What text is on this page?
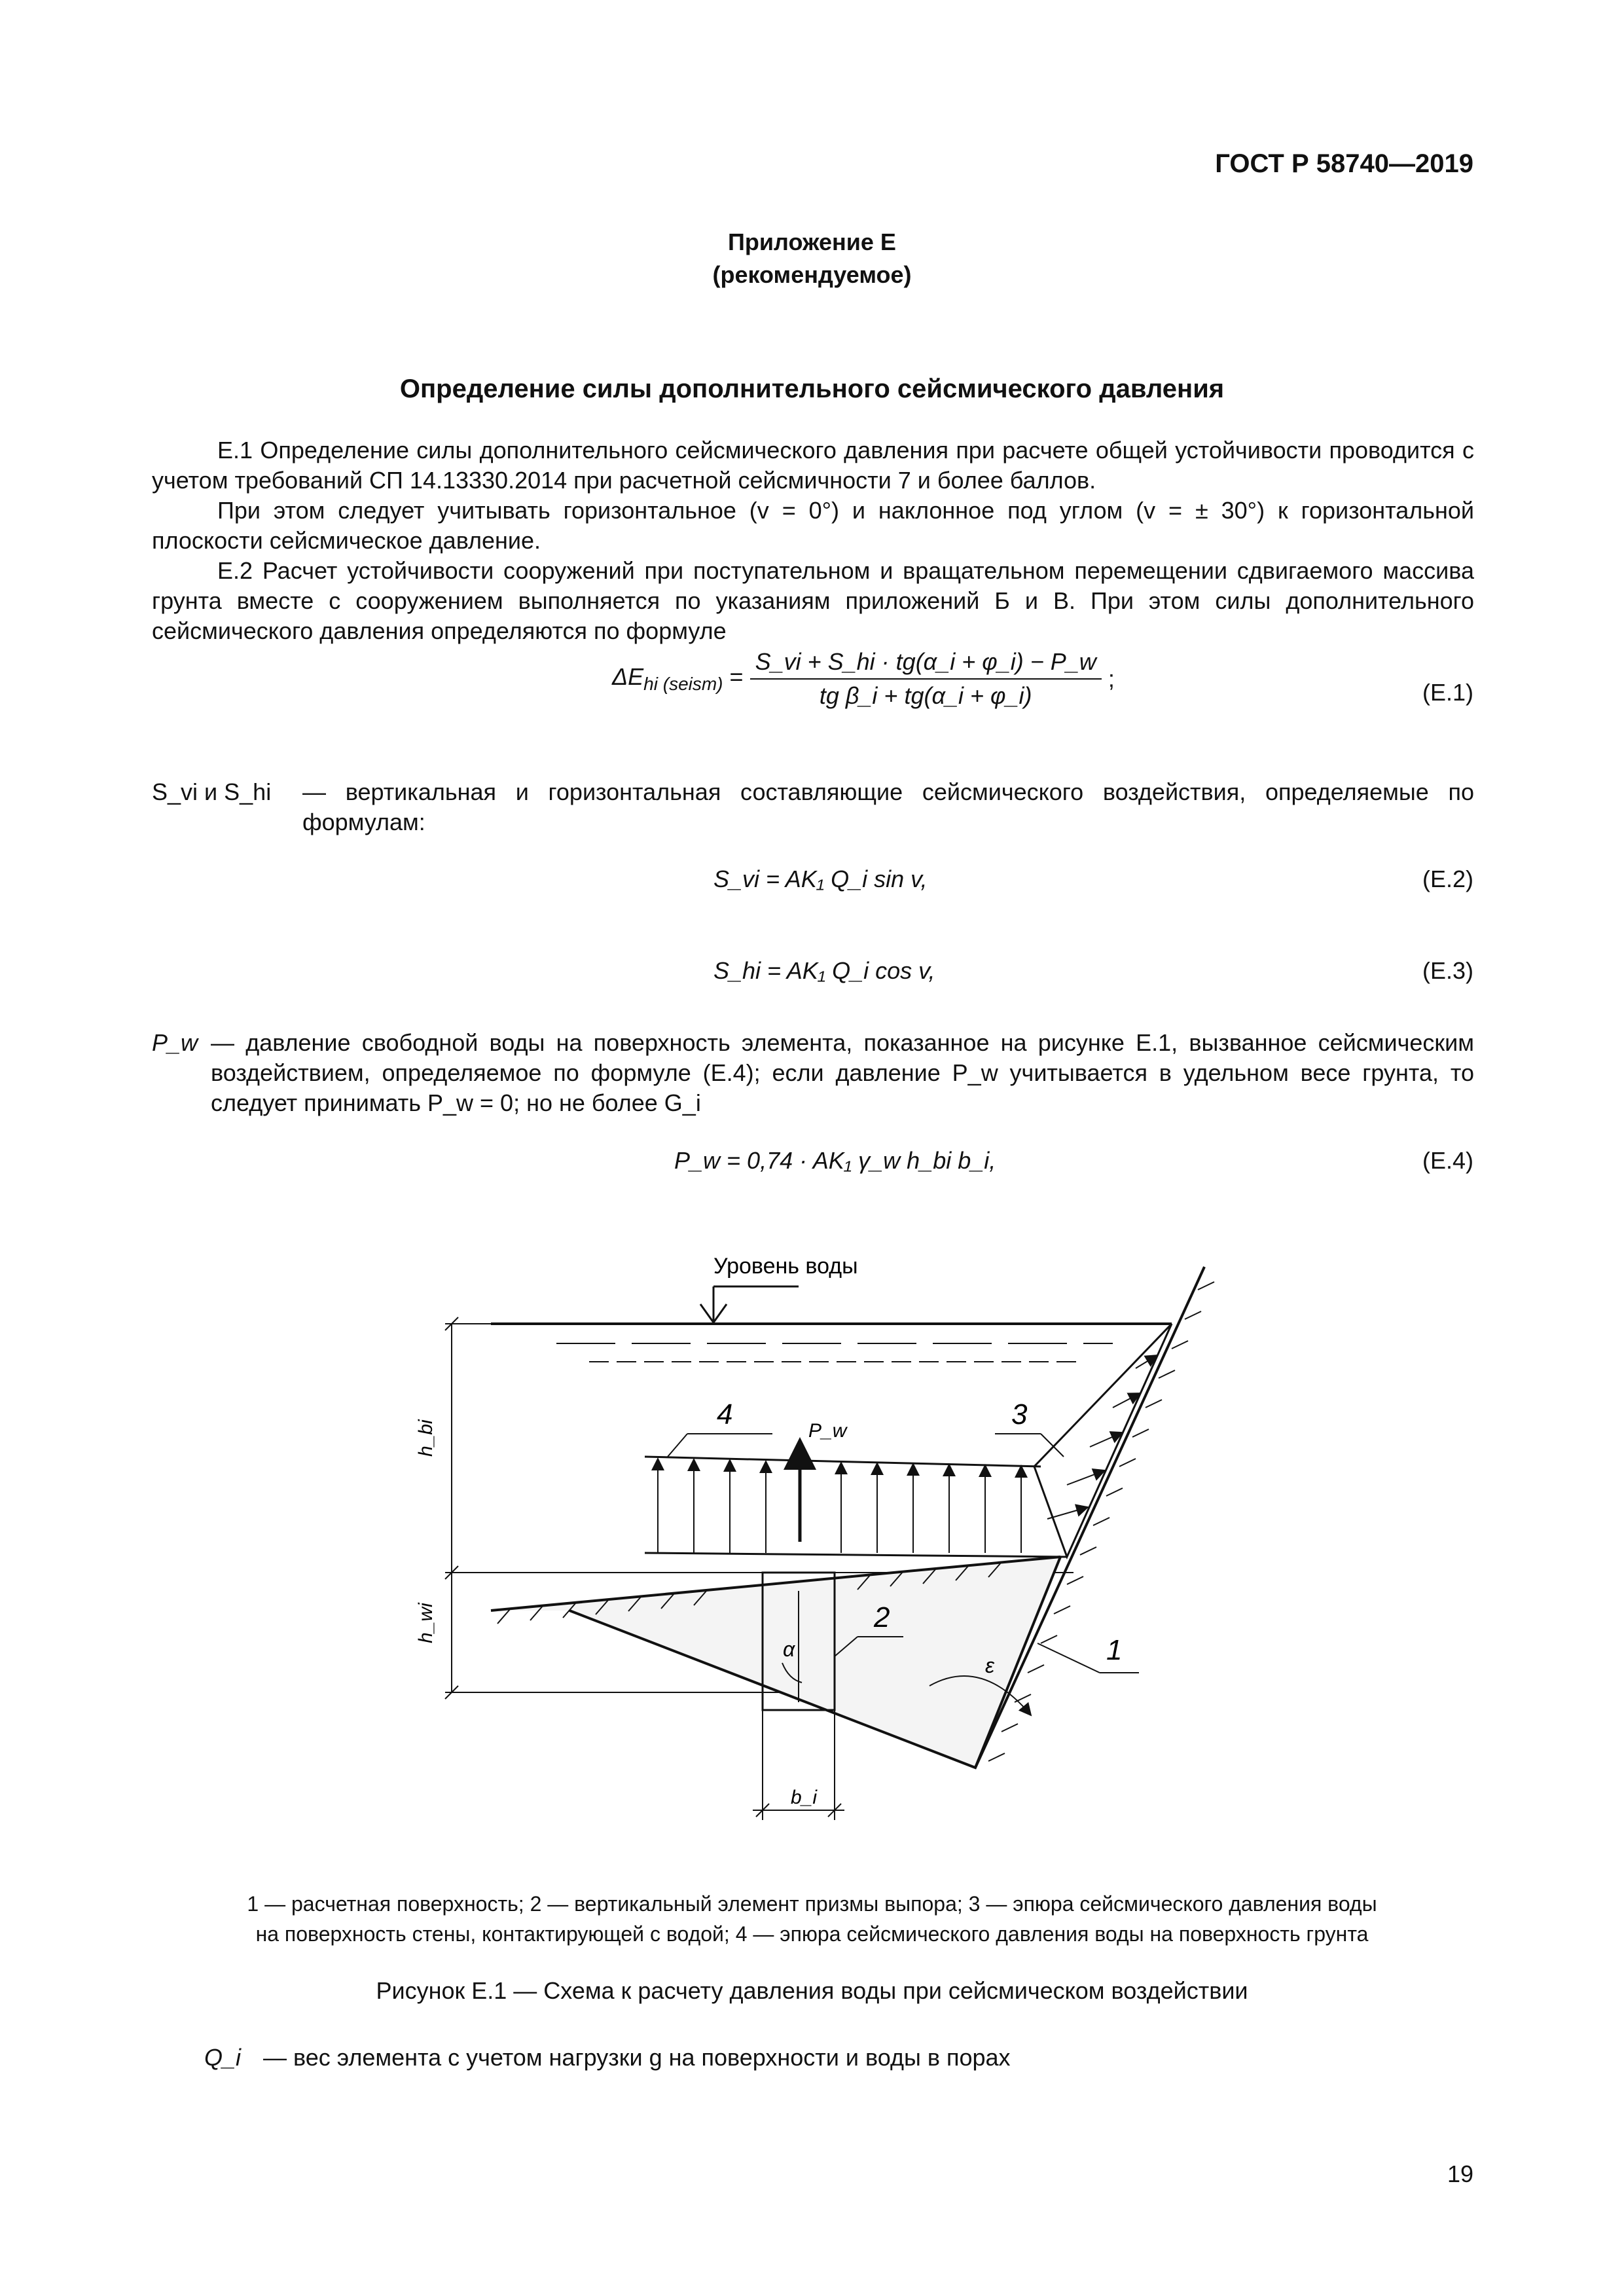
ГОСТ Р 58740—2019
Приложение Е
(рекомендуемое)
Определение силы дополнительного сейсмического давления
Е.1 Определение силы дополнительного сейсмического давления при расчете общей устойчивости проводится с учетом требований СП 14.13330.2014 при расчетной сейсмичности 7 и более баллов.
При этом следует учитывать горизонтальное (v = 0°) и наклонное под углом (v = ± 30°) к горизонтальной плоскости сейсмическое давление.
Е.2 Расчет устойчивости сооружений при поступательном и вращательном перемещении сдвигаемого массива грунта вместе с сооружением выполняется по указаниям приложений Б и В. При этом силы дополнительного сейсмического давления определяются по формуле
$\Delta E_{hi (seism)} = \frac{S\_vi + S\_hi \cdot tg(\alpha\_i + \varphi\_i) - P\_w}{\text{tg β\_i + tg(α\_i + φ\_i)}}$ ;
(Е.1)
S_vi и S_hi	— вертикальная и горизонтальная составляющие сейсмического воздействия, определяемые по формулам:
S_vi = AK₁ Q_i sin v,	(Е.2)
S_hi = AK₁ Q_i cos v,	(Е.3)
P_w — давление свободной воды на поверхность элемента, показанное на рисунке Е.1, вызванное сейсмическим воздействием, определяемое по формуле (Е.4); если давление P_w учитывается в удельном весе грунта, то следует принимать P_w = 0; но не более G_i
P_w = 0,74 · AK₁ γ_w h_bi b_i,	(Е.4)
Уровень воды
h_bi
h_wi
P_w
α
b_i
ε
4	3
2
1
1 — расчетная поверхность; 2 — вертикальный элемент призмы выпора; 3 — эпюра сейсмического давления воды
на поверхность стены, контактирующей с водой; 4 — эпюра сейсмического давления воды на поверхность грунта
Рисунок Е.1 — Схема к расчету давления воды при сейсмическом воздействии
Q_i — вес элемента с учетом нагрузки g на поверхности и воды в порах
19
